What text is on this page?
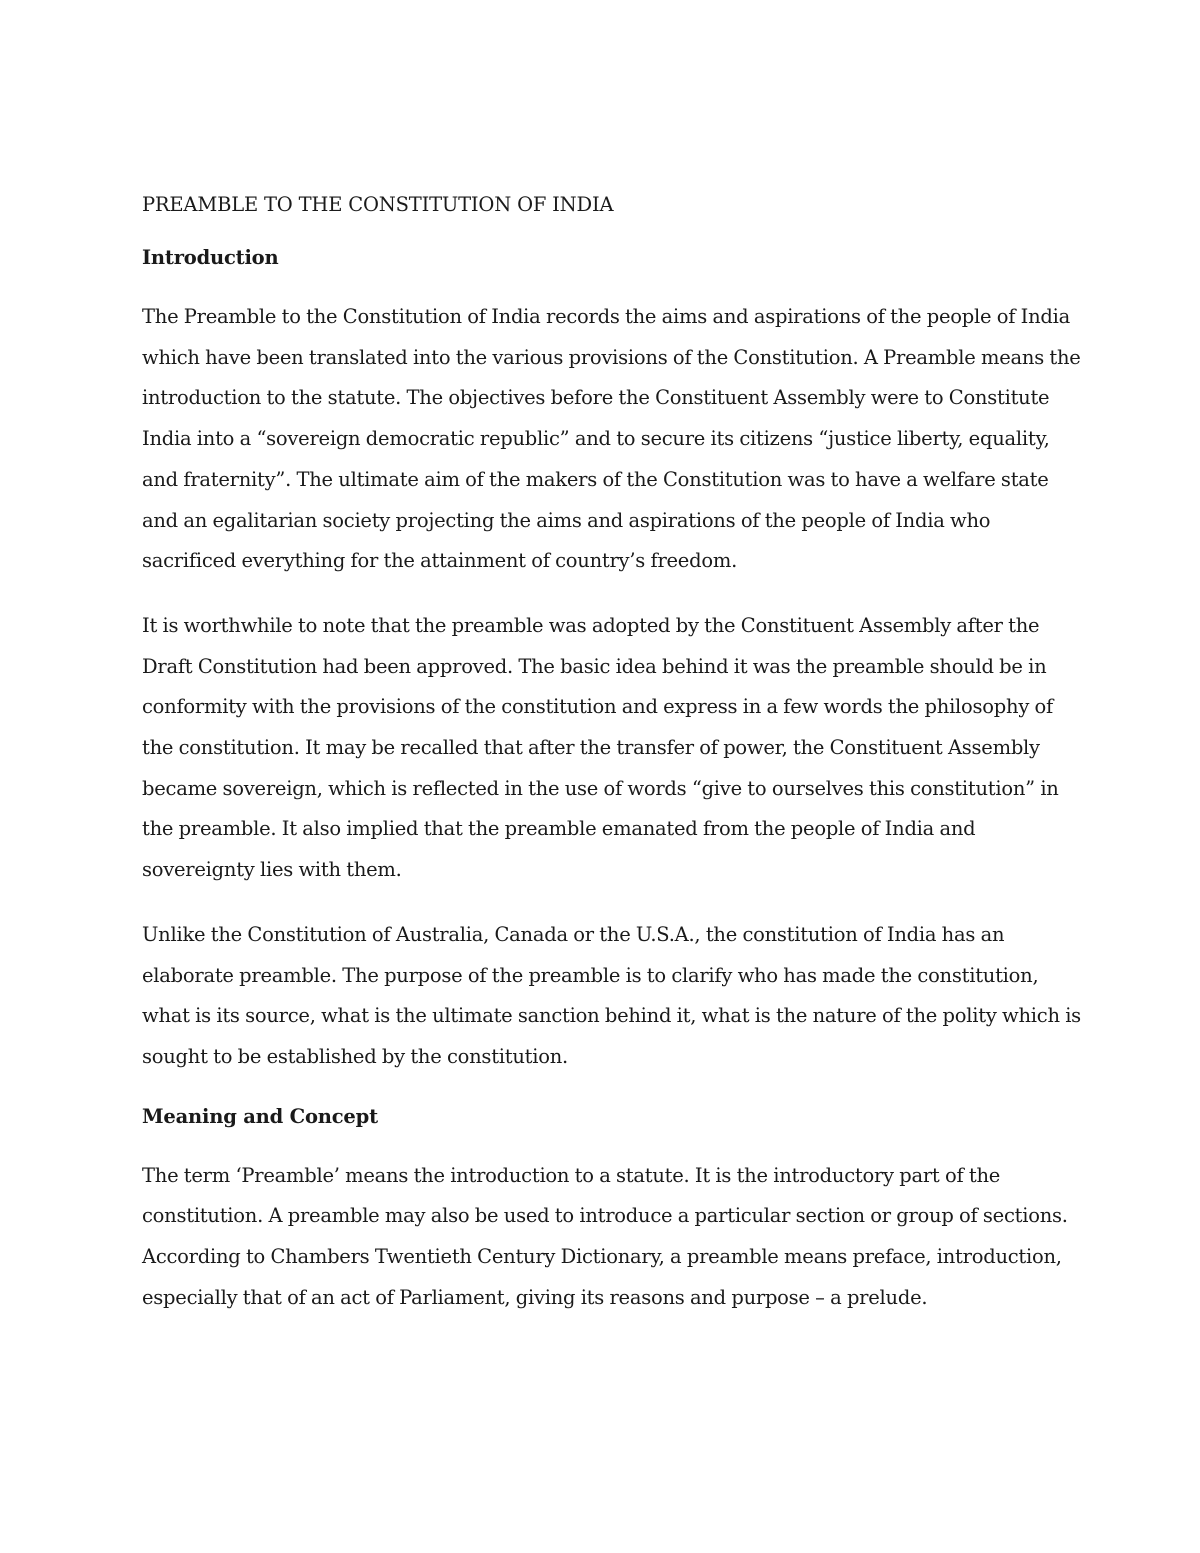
PREAMBLE TO THE CONSTITUTION OF INDIA
Introduction

The Preamble to the Constitution of India records the aims and aspirations of the people of India
which have been translated into the various provisions of the Constitution. A Preamble means the
introduction to the statute. The objectives before the Constituent Assembly were to Constitute
India into a “sovereign democratic republic” and to secure its citizens “justice liberty, equality,
and fraternity”. The ultimate aim of the makers of the Constitution was to have a welfare state
and an egalitarian society projecting the aims and aspirations of the people of India who
sacrificed everything for the attainment of country’s freedom.

It is worthwhile to note that the preamble was adopted by the Constituent Assembly after the
Draft Constitution had been approved. The basic idea behind it was the preamble should be in
conformity with the provisions of the constitution and express in a few words the philosophy of
the constitution. It may be recalled that after the transfer of power, the Constituent Assembly
became sovereign, which is reflected in the use of words “give to ourselves this constitution” in
the preamble. It also implied that the preamble emanated from the people of India and
sovereignty lies with them.

Unlike the Constitution of Australia, Canada or the U.S.A., the constitution of India has an
elaborate preamble. The purpose of the preamble is to clarify who has made the constitution,
what is its source, what is the ultimate sanction behind it, what is the nature of the polity which is
sought to be established by the constitution.

Meaning and Concept

The term ‘Preamble’ means the introduction to a statute. It is the introductory part of the
constitution. A preamble may also be used to introduce a particular section or group of sections.
According to Chambers Twentieth Century Dictionary, a preamble means preface, introduction,
especially that of an act of Parliament, giving its reasons and purpose – a prelude.
